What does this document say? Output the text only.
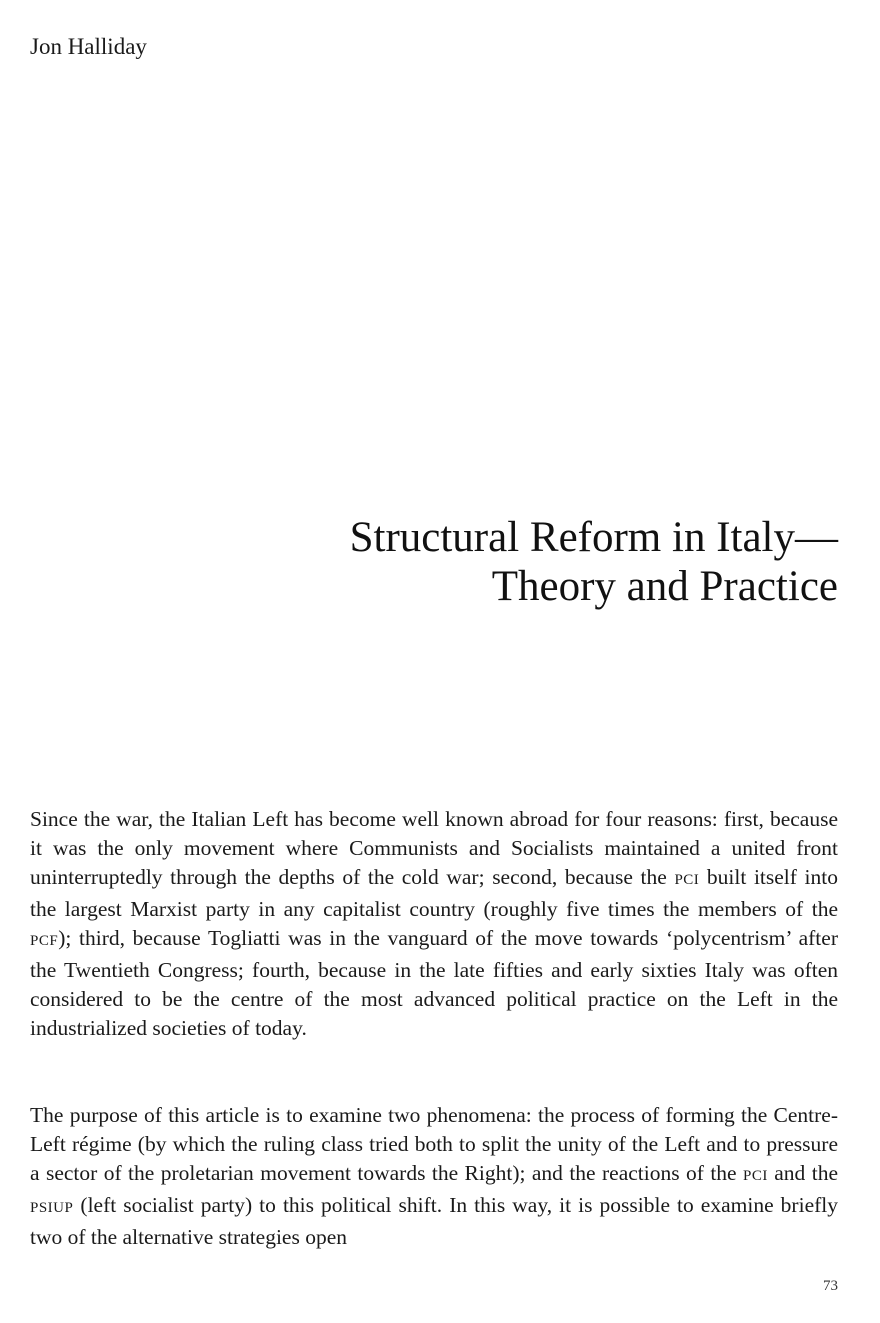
Jon Halliday
Structural Reform in Italy—
Theory and Practice

Since the war, the Italian Left has become well known abroad for four reasons: first, because it was the only movement where Communists and Socialists maintained a united front uninterruptedly through the depths of the cold war; second, because the PCI built itself into the largest Marxist party in any capitalist country (roughly five times the members of the PCF); third, because Togliatti was in the vanguard of the move towards ‘polycentrism’ after the Twentieth Congress; fourth, because in the late fifties and early sixties Italy was often considered to be the centre of the most advanced political practice on the Left in the industrialized societies of today.

The purpose of this article is to examine two phenomena: the process of forming the Centre-Left régime (by which the ruling class tried both to split the unity of the Left and to pressure a sector of the proletarian movement towards the Right); and the reactions of the PCI and the PSIUP (left socialist party) to this political shift. In this way, it is possible to examine briefly two of the alternative strategies open

73
